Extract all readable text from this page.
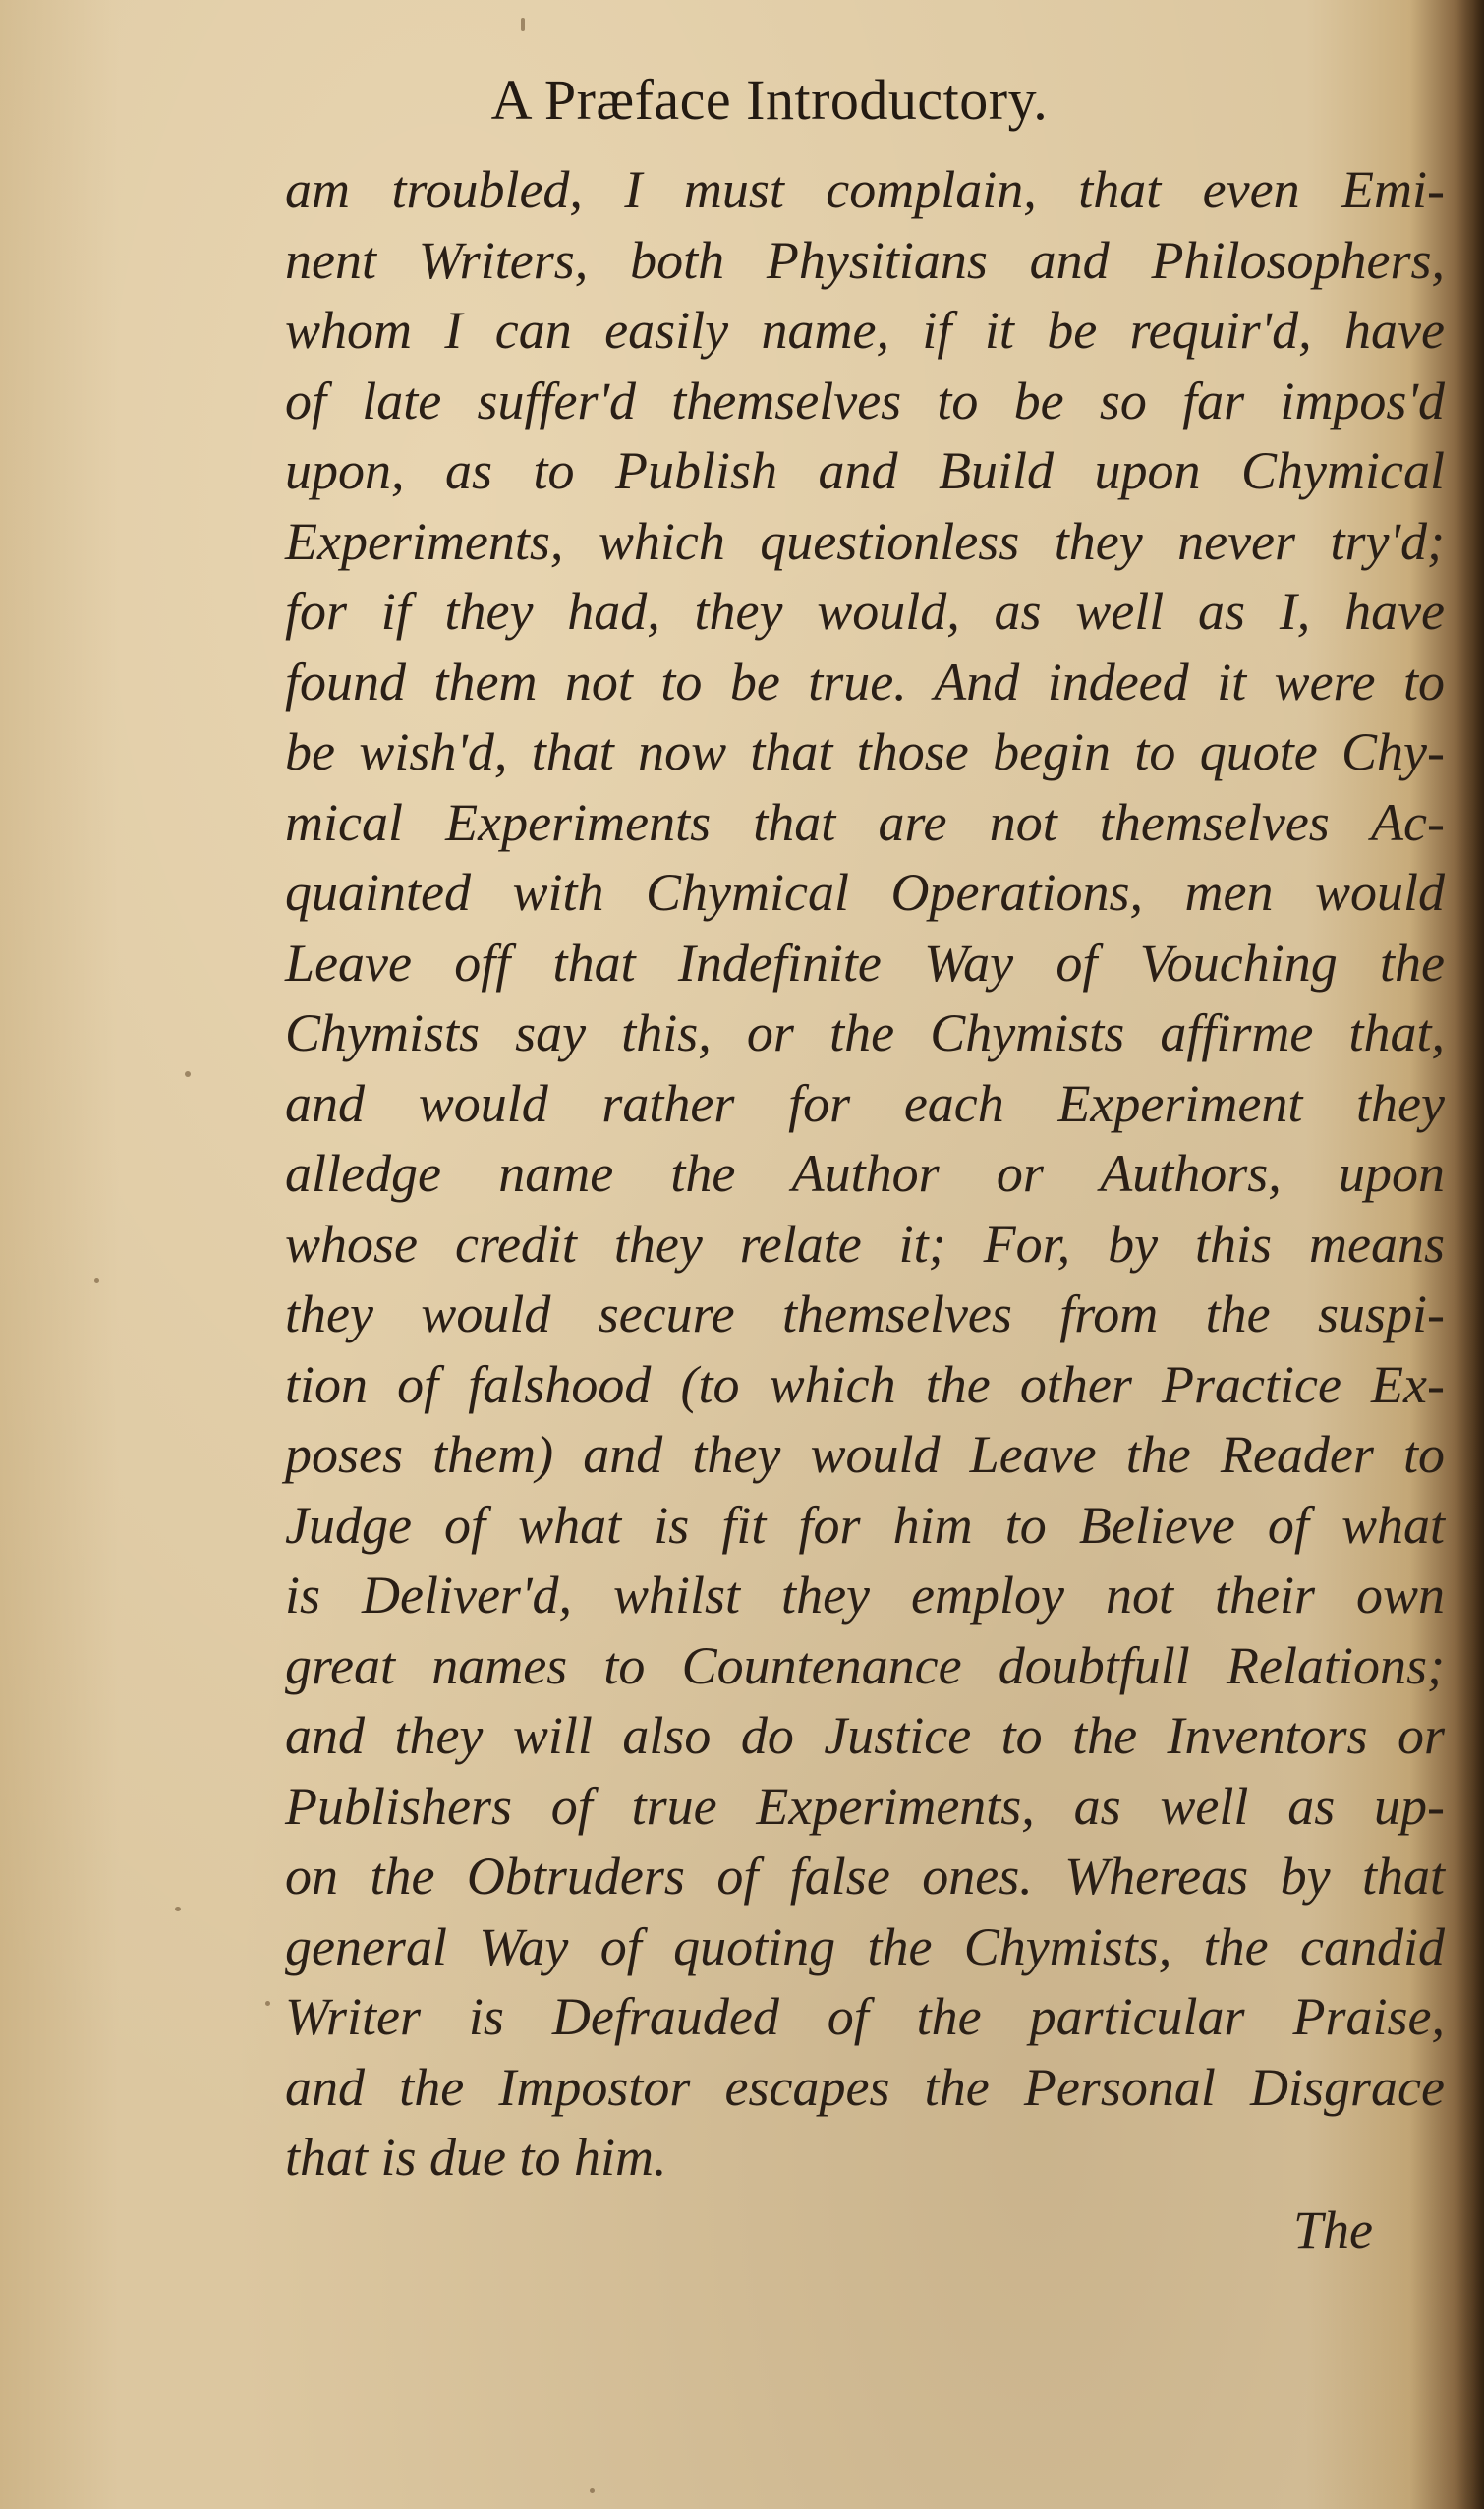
A Præface Introductory.
am troubled, I must complain, that even Emi-
nent Writers, both Physitians and Philosophers,
whom I can easily name, if it be requir'd, have
of late suffer'd themselves to be so far impos'd
upon, as to Publish and Build upon Chymical
Experiments, which questionless they never try'd;
for if they had, they would, as well as I, have
found them not to be true. And indeed it were to
be wish'd, that now that those begin to quote Chy-
mical Experiments that are not themselves Ac-
quainted with Chymical Operations, men would
Leave off that Indefinite Way of Vouching the
Chymists say this, or the Chymists affirme that,
and would rather for each Experiment they
alledge name the Author or Authors, upon
whose credit they relate it; For, by this means
they would secure themselves from the suspi-
tion of falshood (to which the other Practice Ex-
poses them) and they would Leave the Reader to
Judge of what is fit for him to Believe of what
is Deliver'd, whilst they employ not their own
great names to Countenance doubtfull Relations;
and they will also do Justice to the Inventors or
Publishers of true Experiments, as well as up-
on the Obtruders of false ones. Whereas by that
general Way of quoting the Chymists, the candid
Writer is Defrauded of the particular Praise,
and the Impostor escapes the Personal Disgrace
that is due to him.
The
